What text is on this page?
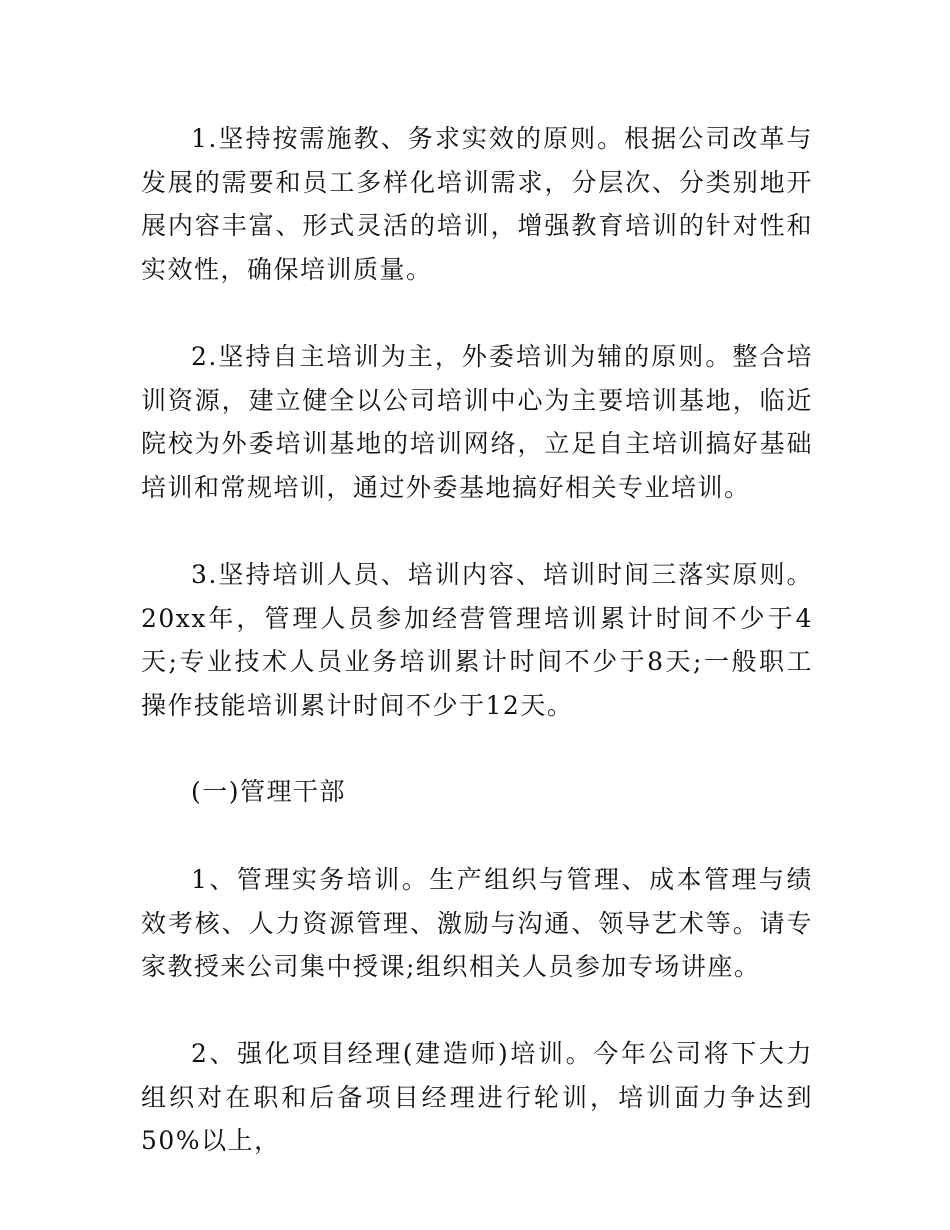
1.坚持按需施教、务求实效的原则。根据公司改革与发展的需要和员工多样化培训需求，分层次、分类别地开展内容丰富、形式灵活的培训，增强教育培训的针对性和实效性，确保培训质量。

2.坚持自主培训为主，外委培训为辅的原则。整合培训资源，建立健全以公司培训中心为主要培训基地，临近院校为外委培训基地的培训网络，立足自主培训搞好基础培训和常规培训，通过外委基地搞好相关专业培训。

3.坚持培训人员、培训内容、培训时间三落实原则。20xx年，管理人员参加经营管理培训累计时间不少于4天;专业技术人员业务培训累计时间不少于8天;一般职工操作技能培训累计时间不少于12天。

(一)管理干部

1、管理实务培训。生产组织与管理、成本管理与绩效考核、人力资源管理、激励与沟通、领导艺术等。请专家教授来公司集中授课;组织相关人员参加专场讲座。

2、强化项目经理(建造师)培训。今年公司将下大力组织对在职和后备项目经理进行轮训，培训面力争达到50%以上，
